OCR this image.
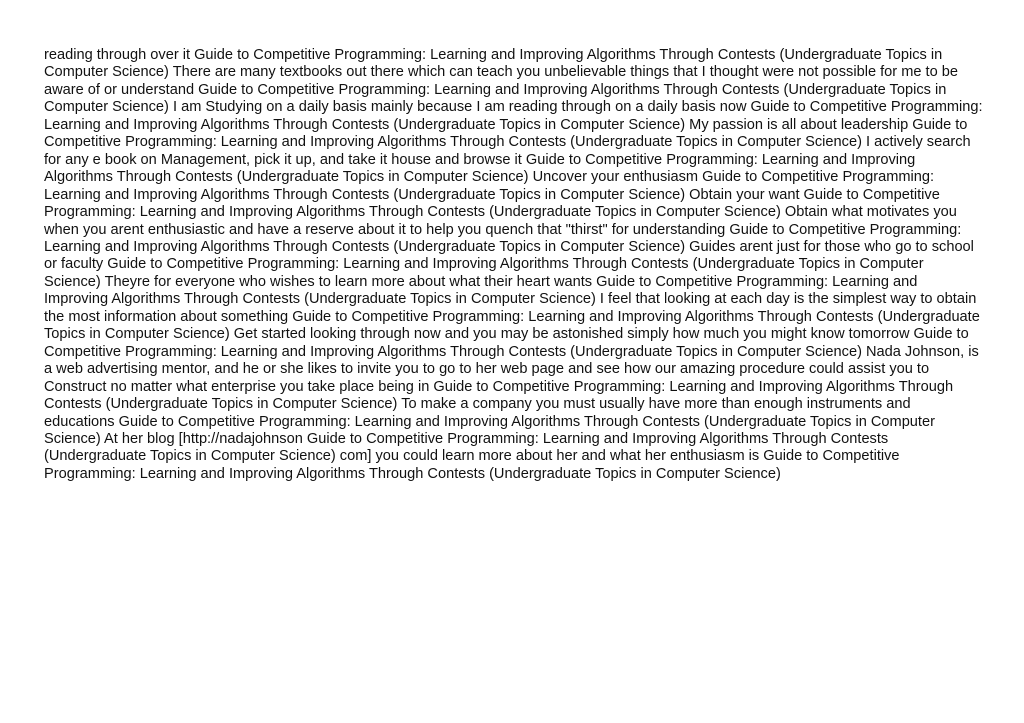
reading through over it Guide to Competitive Programming: Learning and Improving Algorithms Through Contests (Undergraduate Topics in Computer Science) There are many textbooks out there which can teach you unbelievable things that I thought were not possible for me to be aware of or understand Guide to Competitive Programming: Learning and Improving Algorithms Through Contests (Undergraduate Topics in Computer Science) I am Studying on a daily basis mainly because I am reading through on a daily basis now Guide to Competitive Programming: Learning and Improving Algorithms Through Contests (Undergraduate Topics in Computer Science) My passion is all about leadership Guide to Competitive Programming: Learning and Improving Algorithms Through Contests (Undergraduate Topics in Computer Science) I actively search for any e book on Management, pick it up, and take it house and browse it Guide to Competitive Programming: Learning and Improving Algorithms Through Contests (Undergraduate Topics in Computer Science) Uncover your enthusiasm Guide to Competitive Programming: Learning and Improving Algorithms Through Contests (Undergraduate Topics in Computer Science) Obtain your want Guide to Competitive Programming: Learning and Improving Algorithms Through Contests (Undergraduate Topics in Computer Science) Obtain what motivates you when you arent enthusiastic and have a reserve about it to help you quench that "thirst" for understanding Guide to Competitive Programming: Learning and Improving Algorithms Through Contests (Undergraduate Topics in Computer Science) Guides arent just for those who go to school or faculty Guide to Competitive Programming: Learning and Improving Algorithms Through Contests (Undergraduate Topics in Computer Science) Theyre for everyone who wishes to learn more about what their heart wants Guide to Competitive Programming: Learning and Improving Algorithms Through Contests (Undergraduate Topics in Computer Science) I feel that looking at each day is the simplest way to obtain the most information about something Guide to Competitive Programming: Learning and Improving Algorithms Through Contests (Undergraduate Topics in Computer Science) Get started looking through now and you may be astonished simply how much you might know tomorrow Guide to Competitive Programming: Learning and Improving Algorithms Through Contests (Undergraduate Topics in Computer Science) Nada Johnson, is a web advertising mentor, and he or she likes to invite you to go to her web page and see how our amazing procedure could assist you to Construct no matter what enterprise you take place being in Guide to Competitive Programming: Learning and Improving Algorithms Through Contests (Undergraduate Topics in Computer Science) To make a company you must usually have more than enough instruments and educations Guide to Competitive Programming: Learning and Improving Algorithms Through Contests (Undergraduate Topics in Computer Science) At her blog [http://nadajohnson Guide to Competitive Programming: Learning and Improving Algorithms Through Contests (Undergraduate Topics in Computer Science) com] you could learn more about her and what her enthusiasm is Guide to Competitive Programming: Learning and Improving Algorithms Through Contests (Undergraduate Topics in Computer Science)
